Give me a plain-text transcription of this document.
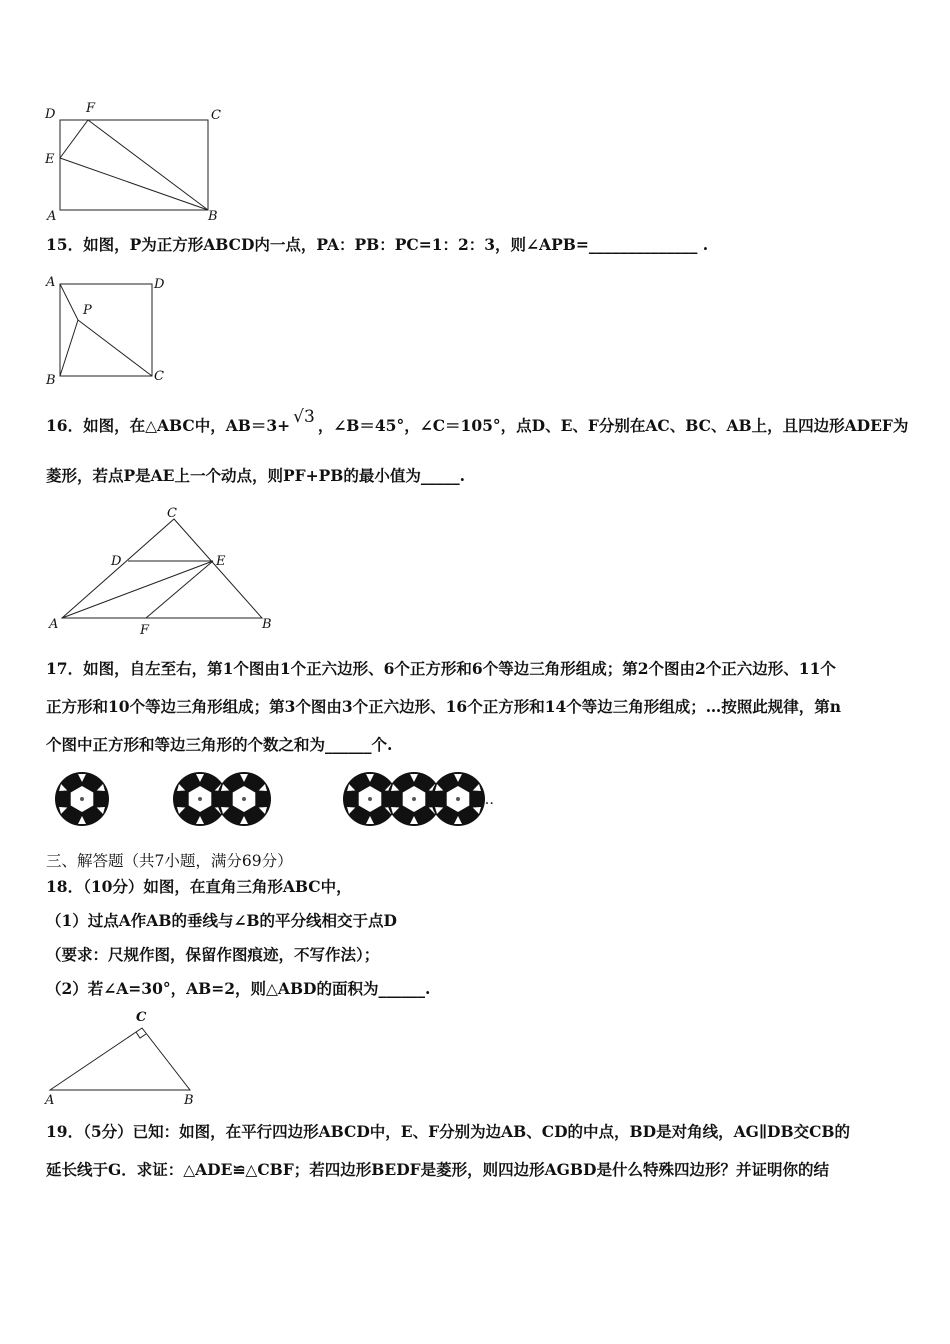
D F	C
E
A	B
15．如图，P为正方形ABCD内一点，PA：PB：PC=1：2：3，则∠APB=______________ .
A	D
P
B	C
16．如图，在△ABC中，AB＝3+ √3 ，∠B＝45°，∠C＝105°，点D、E、F分别在AC、BC、AB上，且四边形ADEF为
菱形，若点P是AE上一个动点，则PF+PB的最小值为_____.
C
D	E
A	F	B
17．如图，自左至右，第1个图由1个正六边形、6个正方形和6个等边三角形组成；第2个图由2个正六边形、11个
正方形和10个等边三角形组成；第3个图由3个正六边形、16个正方形和14个等边三角形组成；…按照此规律，第n
个图中正方形和等边三角形的个数之和为______个.
…
三、解答题（共7小题，满分69分）
18．（10分）如图，在直角三角形ABC中，
（1）过点A作AB的垂线与∠B的平分线相交于点D
（要求：尺规作图，保留作图痕迹，不写作法）；
（2）若∠A=30°，AB=2，则△ABD的面积为______.
C
A	B
19．（5分）已知：如图，在平行四边形ABCD中，E、F分别为边AB、CD的中点，BD是对角线，AG∥DB交CB的
延长线于G．求证：△ADE≌△CBF；若四边形BEDF是菱形，则四边形AGBD是什么特殊四边形？并证明你的结
